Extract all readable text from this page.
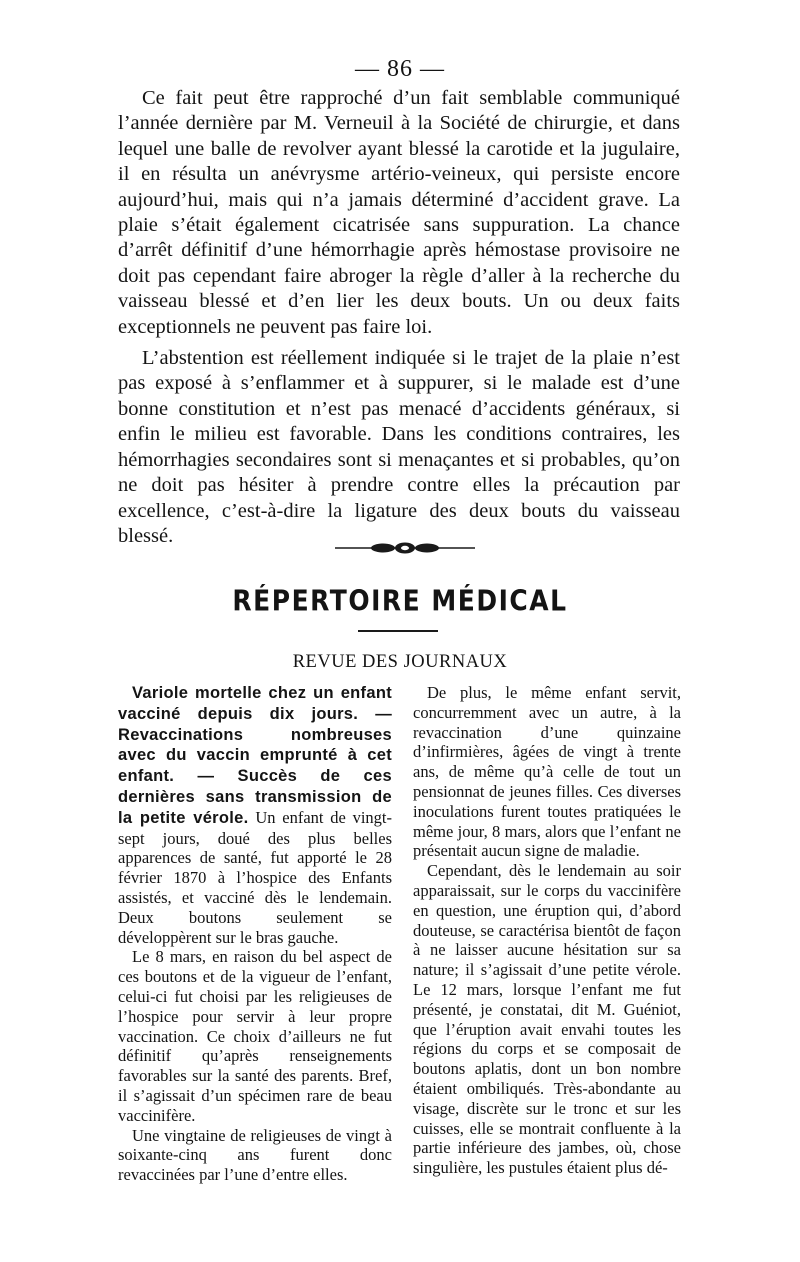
— 86 —

Ce fait peut être rapproché d’un fait semblable communiqué l’année dernière par M. Verneuil à la Société de chirurgie, et dans lequel une balle de revolver ayant blessé la carotide et la jugulaire, il en résulta un anévrysme artério-veineux, qui persiste encore aujourd’hui, mais qui n’a jamais déterminé d’accident grave. La plaie s’était également cicatrisée sans suppuration. La chance d’arrêt définitif d’une hémorrhagie après hémostase provisoire ne doit pas cependant faire abroger la règle d’aller à la recherche du vaisseau blessé et d’en lier les deux bouts. Un ou deux faits exceptionnels ne peuvent pas faire loi.

L’abstention est réellement indiquée si le trajet de la plaie n’est pas exposé à s’enflammer et à suppurer, si le malade est d’une bonne constitution et n’est pas menacé d’accidents généraux, si enfin le milieu est favorable. Dans les conditions contraires, les hémorrhagies secondaires sont si menaçantes et si probables, qu’on ne doit pas hésiter à prendre contre elles la précaution par excellence, c’est-à-dire la ligature des deux bouts du vaisseau blessé.

RÉPERTOIRE MÉDICAL
REVUE DES JOURNAUX

Variole mortelle chez un enfant vacciné depuis dix jours. — Revaccinations nombreuses avec du vaccin emprunté à cet enfant. — Succès de ces dernières sans transmission de la petite vérole. Un enfant de vingt-sept jours, doué des plus belles apparences de santé, fut apporté le 28 février 1870 à l’hospice des Enfants assistés, et vacciné dès le lendemain. Deux boutons seulement se développèrent sur le bras gauche.

Le 8 mars, en raison du bel aspect de ces boutons et de la vigueur de l’enfant, celui-ci fut choisi par les religieuses de l’hospice pour servir à leur propre vaccination. Ce choix d’ailleurs ne fut définitif qu’après renseignements favorables sur la santé des parents. Bref, il s’agissait d’un spécimen rare de beau vaccinifère.

Une vingtaine de religieuses de vingt à soixante-cinq ans furent donc revaccinées par l’une d’entre elles.

De plus, le même enfant servit, concurremment avec un autre, à la revaccination d’une quinzaine d’infirmières, âgées de vingt à trente ans, de même qu’à celle de tout un pensionnat de jeunes filles. Ces diverses inoculations furent toutes pratiquées le même jour, 8 mars, alors que l’enfant ne présentait aucun signe de maladie.

Cependant, dès le lendemain au soir apparaissait, sur le corps du vaccinifère en question, une éruption qui, d’abord douteuse, se caractérisa bientôt de façon à ne laisser aucune hésitation sur sa nature; il s’agissait d’une petite vérole. Le 12 mars, lorsque l’enfant me fut présenté, je constatai, dit M. Guéniot, que l’éruption avait envahi toutes les régions du corps et se composait de boutons aplatis, dont un bon nombre étaient ombiliqués. Très-abondante au visage, discrète sur le tronc et sur les cuisses, elle se montrait confluente à la partie inférieure des jambes, où, chose singulière, les pustules étaient plus dé-
